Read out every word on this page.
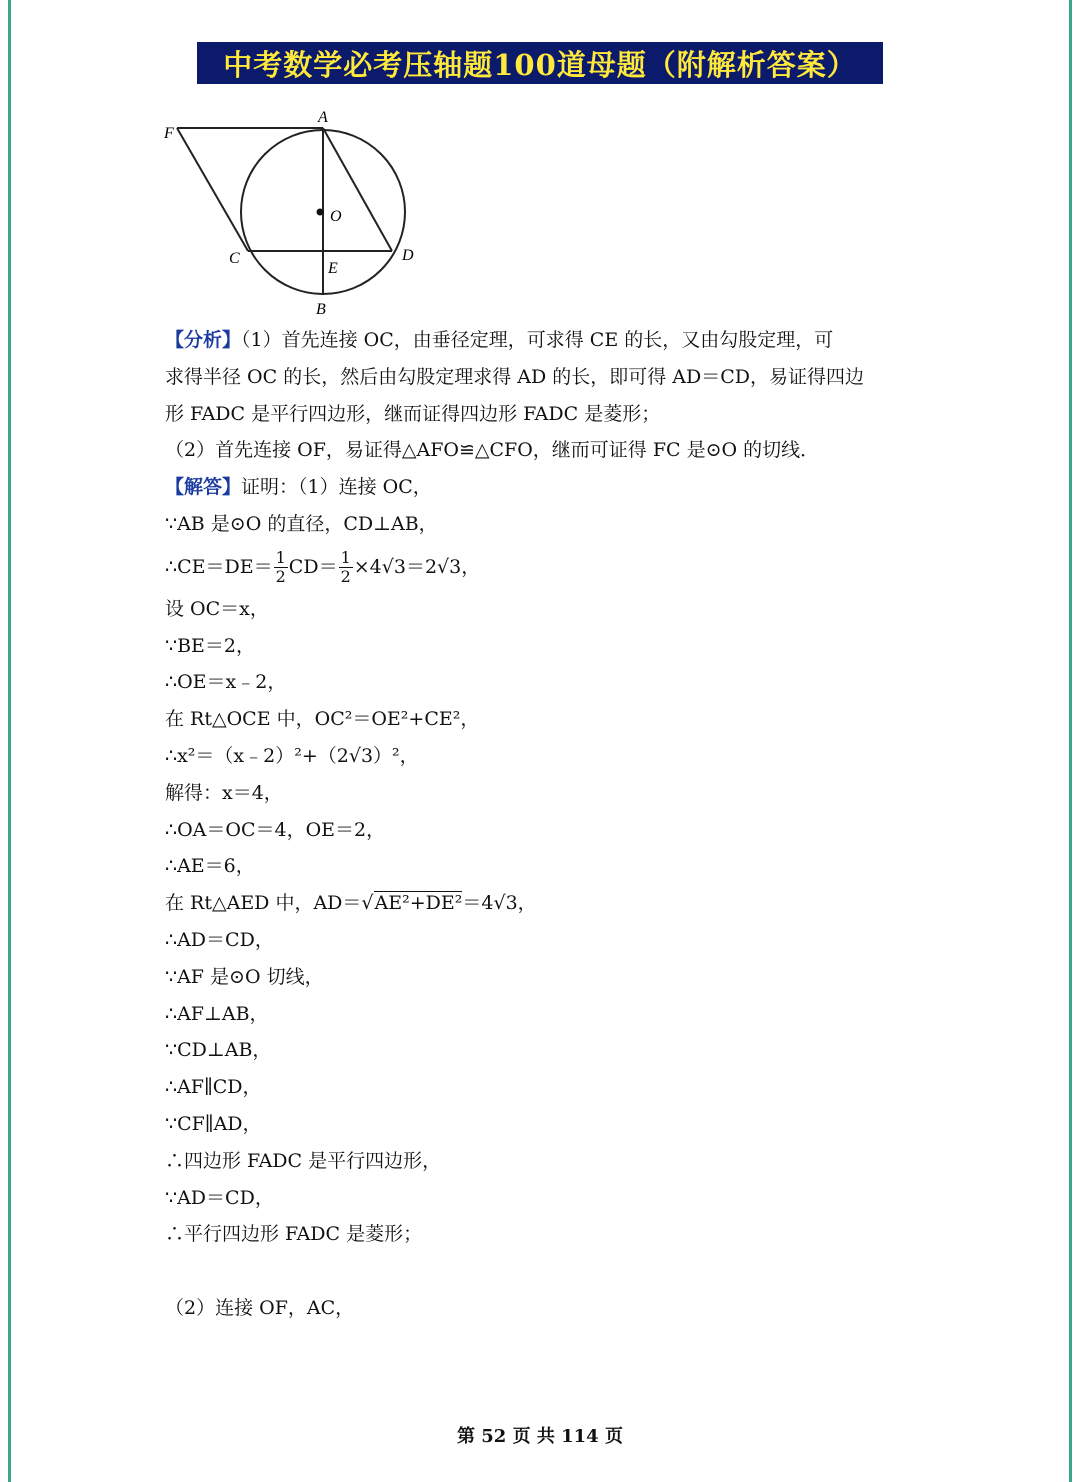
中考数学必考压轴题100道母题（附解析答案）
A
F
O
C	D
E
B
【分析】（1）首先连接 OC，由垂径定理，可求得 CE 的长，又由勾股定理，可
求得半径 OC 的长，然后由勾股定理求得 AD 的长，即可得 AD＝CD，易证得四边
形 FADC 是平行四边形，继而证得四边形 FADC 是菱形；
（2）首先连接 OF，易证得△AFO≌△CFO，继而可证得 FC 是⊙O 的切线．
【解答】证明：（1）连接 OC，
∵AB 是⊙O 的直径，CD⊥AB，
∴CE＝DE＝ $\frac{1}{2} CD= \frac{1}{2} \times 4√3=2√3$，
设 OC＝x，
∵BE＝2，
∴OE＝x﹣2，
在 Rt△OCE 中，OC²＝OE²+CE²，
∴x²＝（x﹣2）²+（2√3）²，
解得：x＝4，
∴OA＝OC＝4，OE＝2，
∴AE＝6，
在 Rt△AED 中，AD＝√AE²+DE²＝4√3，
∴AD＝CD，
∵AF 是⊙O 切线，
∴AF⊥AB，
∵CD⊥AB，
∴AF∥CD，
∵CF∥AD，
∴四边形 FADC 是平行四边形，
∵AD＝CD，
∴平行四边形 FADC 是菱形；
（2）连接 OF，AC，
第 52 页 共 114 页
